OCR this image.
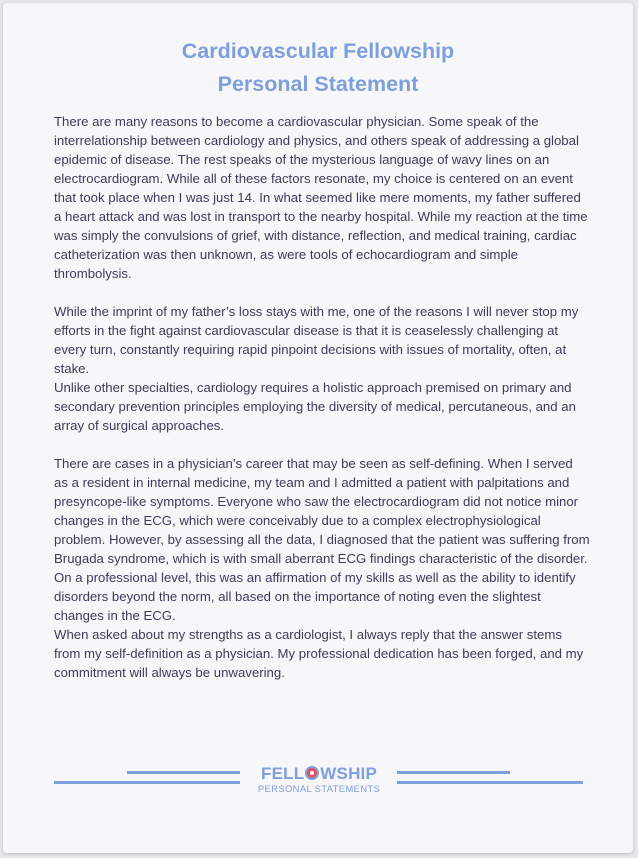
Cardiovascular Fellowship
Personal Statement

There are many reasons to become a cardiovascular physician. Some speak of the interrelationship between cardiology and physics, and others speak of addressing a global epidemic of disease. The rest speaks of the mysterious language of wavy lines on an electrocardiogram. While all of these factors resonate, my choice is centered on an event that took place when I was just 14. In what seemed like mere moments, my father suffered a heart attack and was lost in transport to the nearby hospital. While my reaction at the time was simply the convulsions of grief, with distance, reflection, and medical training, cardiac catheterization was then unknown, as were tools of echocardiogram and simple thrombolysis.

While the imprint of my father’s loss stays with me, one of the reasons I will never stop my efforts in the fight against cardiovascular disease is that it is ceaselessly challenging at every turn, constantly requiring rapid pinpoint decisions with issues of mortality, often, at stake.

Unlike other specialties, cardiology requires a holistic approach premised on primary and secondary prevention principles employing the diversity of medical, percutaneous, and an array of surgical approaches.

There are cases in a physician’s career that may be seen as self-defining. When I served as a resident in internal medicine, my team and I admitted a patient with palpitations and presyncope-like symptoms. Everyone who saw the electrocardiogram did not notice minor changes in the ECG, which were conceivably due to a complex electrophysiological problem. However, by assessing all the data, I diagnosed that the patient was suffering from Brugada syndrome, which is with small aberrant ECG findings characteristic of the disorder. On a professional level, this was an affirmation of my skills as well as the ability to identify disorders beyond the norm, all based on the importance of noting even the slightest changes in the ECG.

When asked about my strengths as a cardiologist, I always reply that the answer stems from my self-definition as a physician. My professional dedication has been forged, and my commitment will always be unwavering.

FELL WSHIP
PERSONAL STATEMENTS
